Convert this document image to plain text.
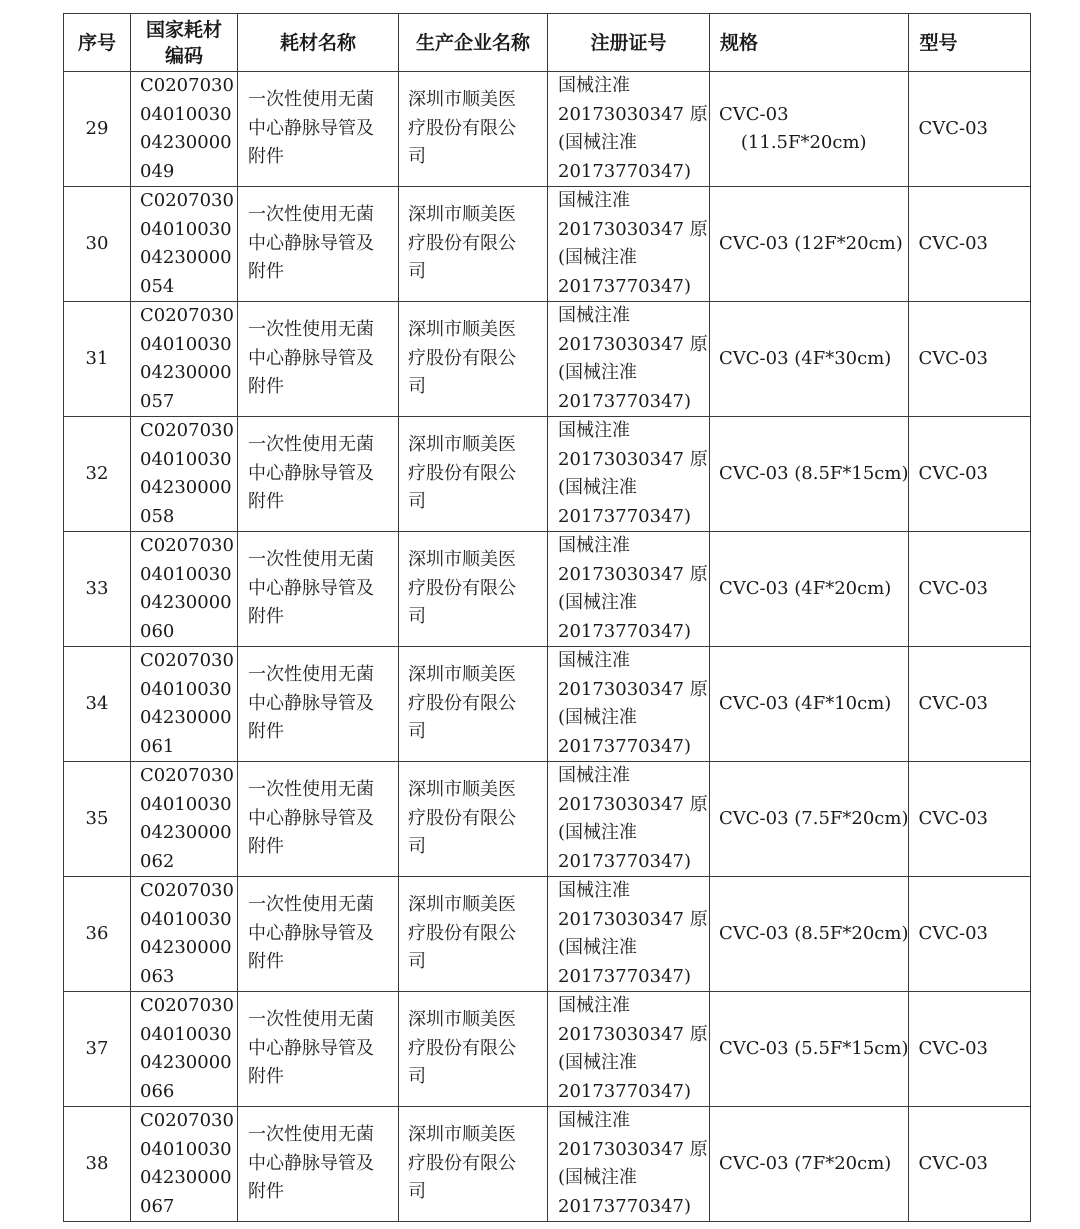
序号	国家耗材
编码	耗材名称	生产企业名称	注册证号	规格	型号
29	C0207030
04010030
04230000
049	一次性使用无菌
中心静脉导管及
附件	深圳市顺美医
疗股份有限公
司	国械注准
20173030347 原
(国械注准
20173770347)	CVC-03
(11.5F*20cm)	CVC-03
30	C0207030
04010030
04230000
054	一次性使用无菌
中心静脉导管及
附件	深圳市顺美医
疗股份有限公
司	国械注准
20173030347 原
(国械注准
20173770347)	CVC-03 (12F*20cm)	CVC-03
31	C0207030
04010030
04230000
057	一次性使用无菌
中心静脉导管及
附件	深圳市顺美医
疗股份有限公
司	国械注准
20173030347 原
(国械注准
20173770347)	CVC-03 (4F*30cm)	CVC-03
32	C0207030
04010030
04230000
058	一次性使用无菌
中心静脉导管及
附件	深圳市顺美医
疗股份有限公
司	国械注准
20173030347 原
(国械注准
20173770347)	CVC-03 (8.5F*15cm)	CVC-03
33	C0207030
04010030
04230000
060	一次性使用无菌
中心静脉导管及
附件	深圳市顺美医
疗股份有限公
司	国械注准
20173030347 原
(国械注准
20173770347)	CVC-03 (4F*20cm)	CVC-03
34	C0207030
04010030
04230000
061	一次性使用无菌
中心静脉导管及
附件	深圳市顺美医
疗股份有限公
司	国械注准
20173030347 原
(国械注准
20173770347)	CVC-03 (4F*10cm)	CVC-03
35	C0207030
04010030
04230000
062	一次性使用无菌
中心静脉导管及
附件	深圳市顺美医
疗股份有限公
司	国械注准
20173030347 原
(国械注准
20173770347)	CVC-03 (7.5F*20cm)	CVC-03
36	C0207030
04010030
04230000
063	一次性使用无菌
中心静脉导管及
附件	深圳市顺美医
疗股份有限公
司	国械注准
20173030347 原
(国械注准
20173770347)	CVC-03 (8.5F*20cm)	CVC-03
37	C0207030
04010030
04230000
066	一次性使用无菌
中心静脉导管及
附件	深圳市顺美医
疗股份有限公
司	国械注准
20173030347 原
(国械注准
20173770347)	CVC-03 (5.5F*15cm)	CVC-03
38	C0207030
04010030
04230000
067	一次性使用无菌
中心静脉导管及
附件	深圳市顺美医
疗股份有限公
司	国械注准
20173030347 原
(国械注准
20173770347)	CVC-03 (7F*20cm)	CVC-03
